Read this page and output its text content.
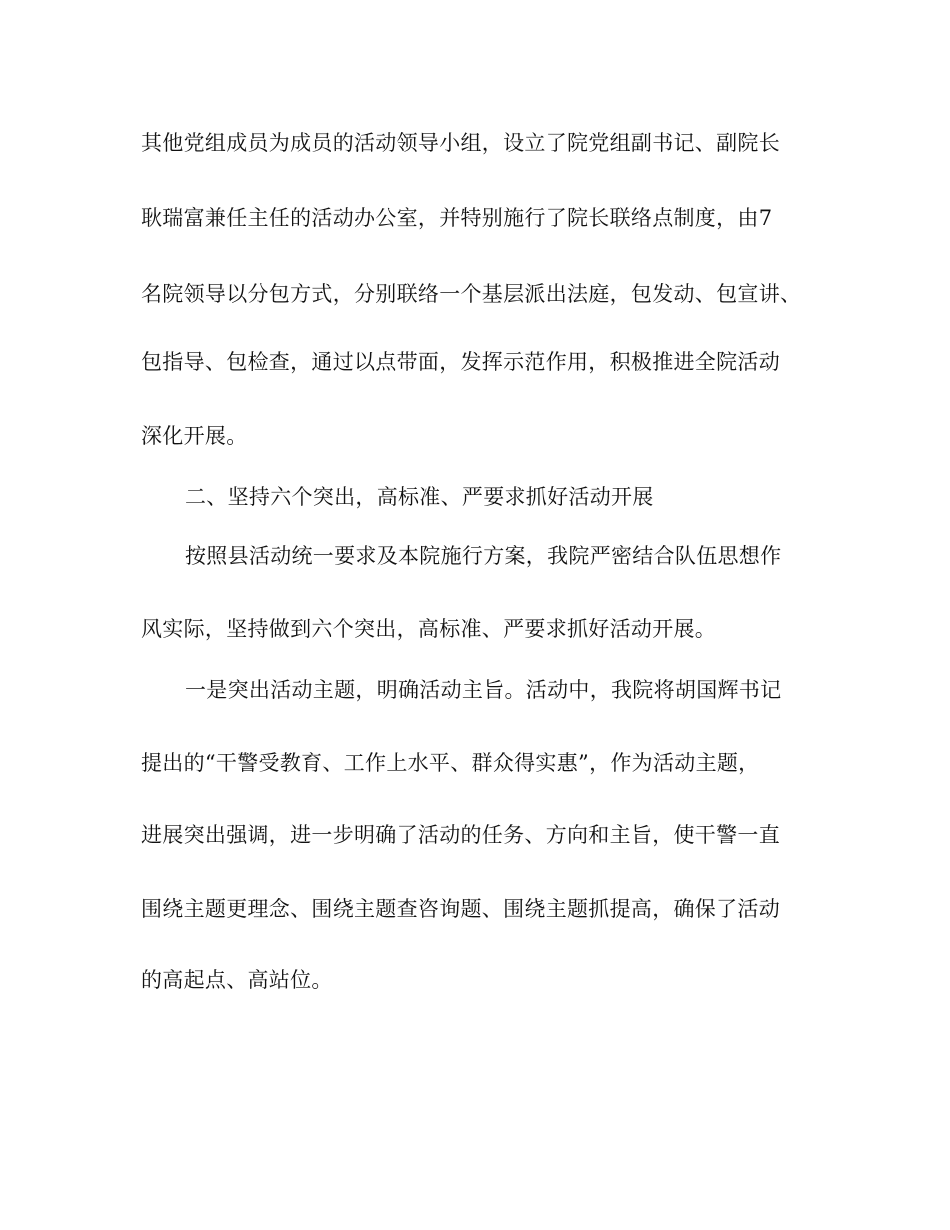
其他党组成员为成员的活动领导小组，设立了院党组副书记、副院长
耿瑞富兼任主任的活动办公室，并特别施行了院长联络点制度，由7
名院领导以分包方式，分别联络一个基层派出法庭，包发动、包宣讲、
包指导、包检查，通过以点带面，发挥示范作用，积极推进全院活动
深化开展。
二、坚持六个突出，高标准、严要求抓好活动开展
按照县活动统一要求及本院施行方案，我院严密结合队伍思想作
风实际，坚持做到六个突出，高标准、严要求抓好活动开展。
一是突出活动主题，明确活动主旨。活动中，我院将胡国辉书记
提出的“干警受教育、工作上水平、群众得实惠”，作为活动主题，
进展突出强调，进一步明确了活动的任务、方向和主旨，使干警一直
围绕主题更理念、围绕主题查咨询题、围绕主题抓提高，确保了活动
的高起点、高站位。
